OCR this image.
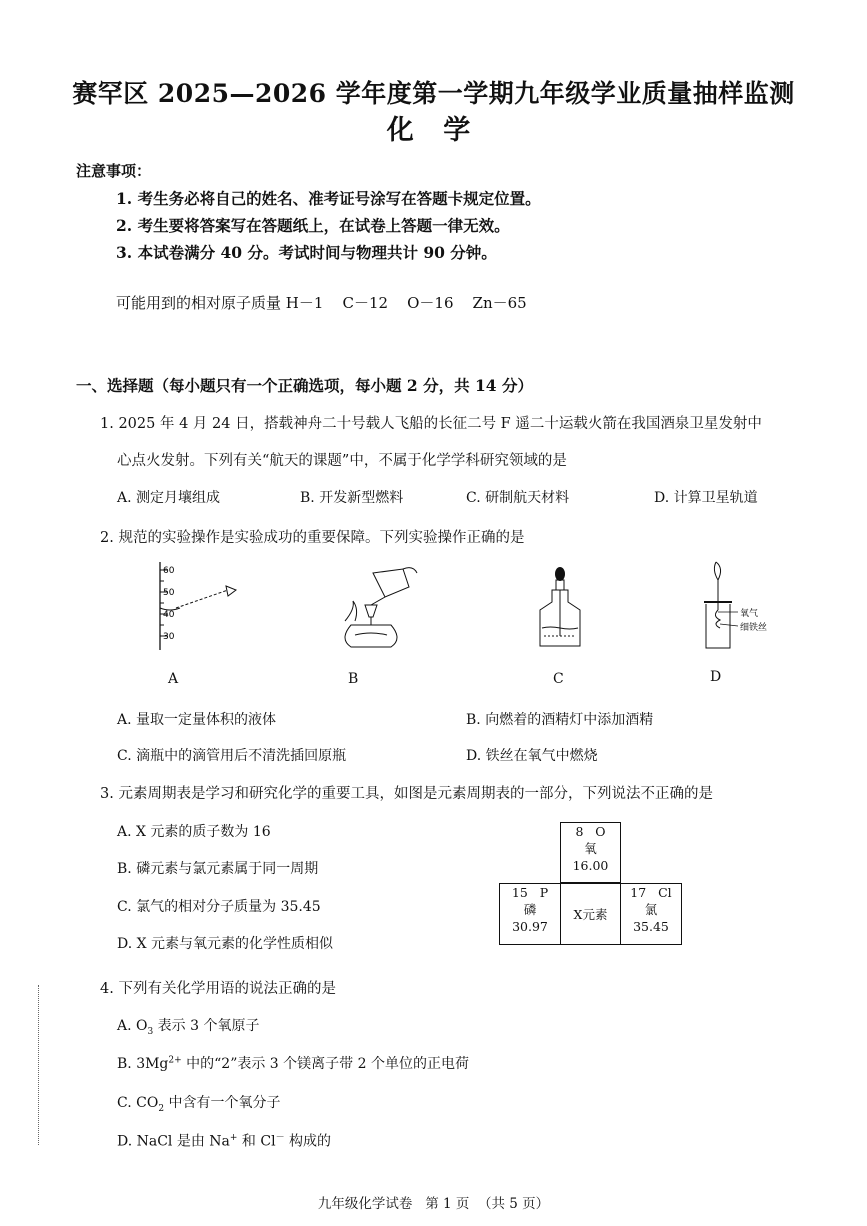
赛罕区 2025—2026 学年度第一学期九年级学业质量抽样监测
化 学
注意事项：
1. 考生务必将自己的姓名、准考证号涂写在答题卡规定位置。
2. 考生要将答案写在答题纸上，在试卷上答题一律无效。
3. 本试卷满分 40 分。考试时间与物理共计 90 分钟。
可能用到的相对原子质量 H－1    C－12    O－16    Zn－65
一、选择题（每小题只有一个正确选项，每小题 2 分，共 14 分）
1. 2025 年 4 月 24 日，搭载神舟二十号载人飞船的长征二号 F 遥二十运载火箭在我国酒泉卫星发射中
心点火发射。下列有关“航天的课题”中，不属于化学学科研究领域的是
A. 测定月壤组成	B. 开发新型燃料	C. 研制航天材料	D. 计算卫星轨道
2. 规范的实验操作是实验成功的重要保障。下列实验操作正确的是
60
50
40
30
氧气
细铁丝
A	B	C	D
A. 量取一定量体积的液体	B. 向燃着的酒精灯中添加酒精
C. 滴瓶中的滴管用后不清洗插回原瓶	D. 铁丝在氧气中燃烧
3. 元素周期表是学习和研究化学的重要工具，如图是元素周期表的一部分，下列说法不正确的是
A. X 元素的质子数为 16
B. 磷元素与氯元素属于同一周期
C. 氯气的相对分子质量为 35.45
D. X 元素与氧元素的化学性质相似
8   O
氧
16.00
15   P
磷
30.97
X元素
17   Cl
氯
35.45
4. 下列有关化学用语的说法正确的是
A. $O_3$ 表示 3 个氧原子
B. $3Mg^{2+}$ 中的“2”表示 3 个镁离子带 2 个单位的正电荷
C. $CO_2$ 中含有一个氧分子
D. NaCl 是由 Na+ 和 Cl－ 构成的
九年级化学试卷   第 1 页  （共 5 页）
